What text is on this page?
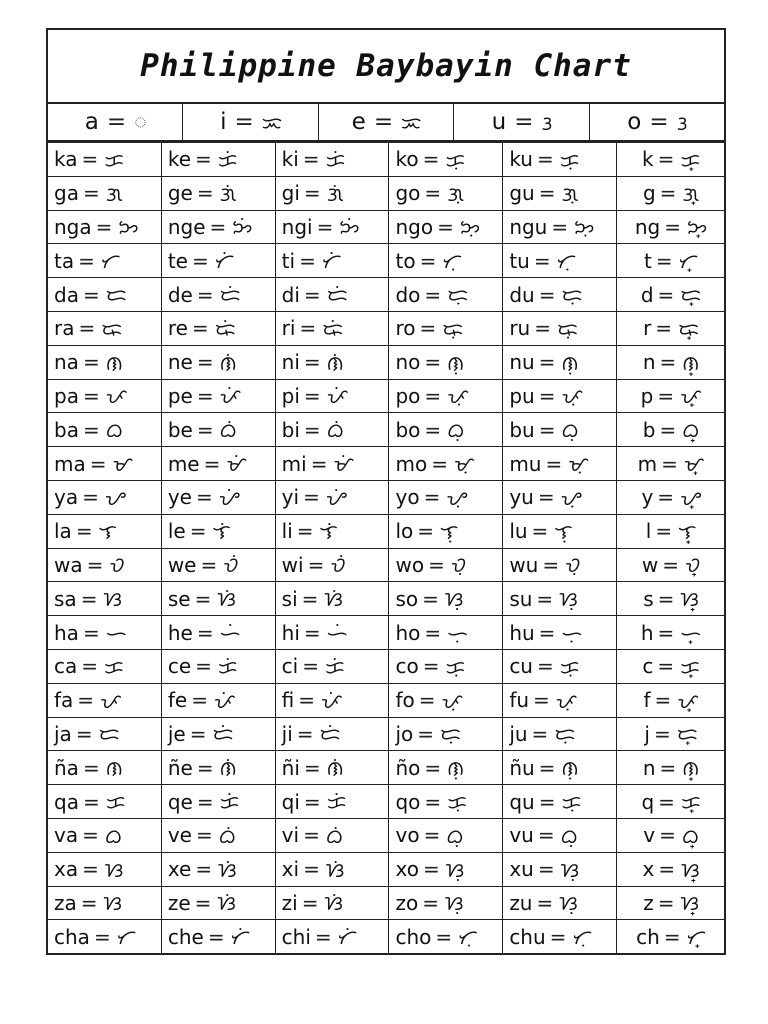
Philippine Baybayin Chart
a = ᜀ	i = ᜁ	e = ᜁ	u = ᜂ	o = ᜂ
ka = ᜃ ke = ᜃᜒ ki = ᜃᜒ	ko = ᜃᜓ ku = ᜃᜓ	k = ᜃ᜔
ga = ᜄ ge = ᜄᜒ gi = ᜄᜒ	go = ᜄᜓ gu = ᜄᜓ	g = ᜄ᜔
nga = ᜅ nge = ᜅᜒ ngi = ᜅᜒ ngo = ᜅᜓ ngu = ᜅᜓ ng = ᜅ᜔
ta = ᜆ te = ᜆᜒ ti = ᜆᜒ	to = ᜆᜓ tu = ᜆᜓ	t = ᜆ᜔
da = ᜇ de = ᜇᜒ di = ᜇᜒ do = ᜇᜓ du = ᜇᜓ	d = ᜇ᜔
ra = ᜍ re = ᜍᜒ ri = ᜍᜒ	ro = ᜍᜓ ru = ᜍᜓ	r = ᜍ᜔
na = ᜈ ne = ᜈᜒ ni = ᜈᜒ	no = ᜈᜓ nu = ᜈᜓ	n = ᜈ᜔
pa = ᜉ pe = ᜉᜒ pi = ᜉᜒ po = ᜉᜓ pu = ᜉᜓ	p = ᜉ᜔
ba = ᜊ be = ᜊᜒ bi = ᜊᜒ	bo = ᜊᜓ bu = ᜊᜓ	b = ᜊ᜔
ma = ᜋ me = ᜋᜒ mi = ᜋᜒ mo = ᜋᜓ mu = ᜋᜓ m = ᜋ᜔
ya = ᜌ ye = ᜌᜒ yi = ᜌᜒ	yo = ᜌᜓ yu = ᜌᜓ	y = ᜌ᜔
la = ᜎ	le = ᜎᜒ	li = ᜎᜒ	lo = ᜎᜓ	lu = ᜎᜓ	l = ᜎ᜔
wa = ᜏ we = ᜏᜒ wi = ᜏᜒ	wo = ᜏᜓ wu = ᜏᜓ	w = ᜏ᜔
sa = ᜐ se = ᜐᜒ si = ᜐᜒ	so = ᜐᜓ su = ᜐᜓ	s = ᜐ᜔
ha = ᜑ he = ᜑᜒ hi = ᜑᜒ ho = ᜑᜓ hu = ᜑᜓ	h = ᜑ᜔
ca = ᜃ ce = ᜃᜒ ci = ᜃᜒ	co = ᜃᜓ cu = ᜃᜓ	c = ᜃ᜔
fa = ᜉ fe = ᜉᜒ fi = ᜉᜒ	fo = ᜉᜓ fu = ᜉᜓ	f = ᜉ᜔
ja = ᜇ je = ᜇᜒ ji = ᜇᜒ	jo = ᜇᜓ ju = ᜇᜓ	j = ᜇ᜔
ña = ᜈ ñe = ᜈᜒ ñi = ᜈᜒ	ño = ᜈᜓ ñu = ᜈᜓ	n = ᜈ᜔
qa = ᜃ qe = ᜃᜒ qi = ᜃᜒ	qo = ᜃᜓ qu = ᜃᜓ	q = ᜃ᜔
va = ᜊ ve = ᜊᜒ vi = ᜊᜒ	vo = ᜊᜓ vu = ᜊᜓ	v = ᜊ᜔
xa = ᜐ xe = ᜐᜒ xi = ᜐᜒ	xo = ᜐᜓ xu = ᜐᜓ	x = ᜐ᜔
za = ᜐ ze = ᜐᜒ zi = ᜐᜒ	zo = ᜐᜓ zu = ᜐᜓ	z = ᜐ᜔
cha = ᜆ che = ᜆᜒ chi = ᜆᜒ cho = ᜆᜓ chu = ᜆᜓ ch = ᜆ᜔
